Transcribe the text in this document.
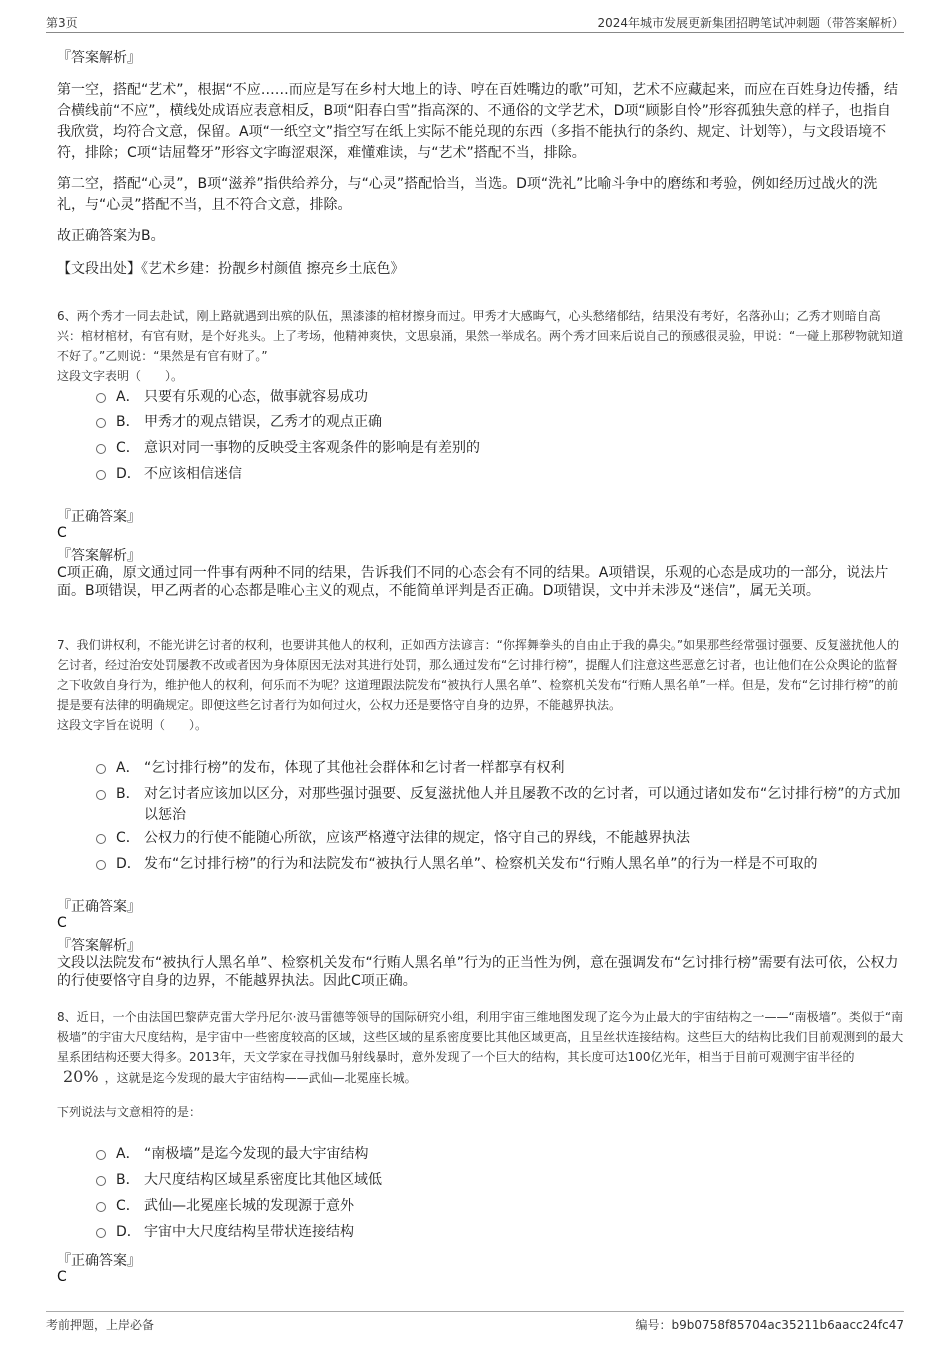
第3页	2024年城市发展更新集团招聘笔试冲刺题（带答案解析）
『答案解析』

第一空，搭配“艺术”，根据“不应……而应是写在乡村大地上的诗、哼在百姓嘴边的歌”可知，艺术不应藏起来，而应在百姓身边传播，结合横线前“不应”，横线处成语应表意相反，B项“阳春白雪”指高深的、不通俗的文学艺术，D项“顾影自怜”形容孤独失意的样子，也指自我欣赏，均符合文意，保留。A项“一纸空文”指空写在纸上实际不能兑现的东西（多指不能执行的条约、规定、计划等），与文段语境不符，排除；C项“诘屈聱牙”形容文字晦涩艰深，难懂难读，与“艺术”搭配不当，排除。

第二空，搭配“心灵”，B项“滋养”指供给养分，与“心灵”搭配恰当，当选。D项“洗礼”比喻斗争中的磨练和考验，例如经历过战火的洗礼，与“心灵”搭配不当，且不符合文意，排除。

故正确答案为B。

【文段出处】《艺术乡建：扮靓乡村颜值 擦亮乡土底色》

6、两个秀才一同去赴试，刚上路就遇到出殡的队伍，黑漆漆的棺材擦身而过。甲秀才大感晦气，心头愁绪郁结，结果没有考好，名落孙山；乙秀才则暗自高兴：棺材棺材，有官有财，是个好兆头。上了考场，他精神爽快，文思泉涌，果然一举成名。两个秀才回来后说自己的预感很灵验，甲说：“一碰上那秽物就知道不好了。”乙则说：“果然是有官有财了。”

这段文字表明（　　）。

A． 只要有乐观的心态，做事就容易成功
B． 甲秀才的观点错误，乙秀才的观点正确
C． 意识对同一事物的反映受主客观条件的影响是有差别的
D． 不应该相信迷信
『正确答案』
C
『答案解析』

C项正确，原文通过同一件事有两种不同的结果，告诉我们不同的心态会有不同的结果。A项错误，乐观的心态是成功的一部分，说法片面。B项错误，甲乙两者的心态都是唯心主义的观点，不能简单评判是否正确。D项错误，文中并未涉及“迷信”，属无关项。

7、我们讲权利，不能光讲乞讨者的权利，也要讲其他人的权利，正如西方法谚言：“你挥舞拳头的自由止于我的鼻尖。”如果那些经常强讨强要、反复滋扰他人的乞讨者，经过治安处罚屡教不改或者因为身体原因无法对其进行处罚，那么通过发布“乞讨排行榜”，提醒人们注意这些恶意乞讨者，也让他们在公众舆论的监督之下收敛自身行为，维护他人的权利，何乐而不为呢？这道理跟法院发布“被执行人黑名单”、检察机关发布“行贿人黑名单”一样。但是，发布“乞讨排行榜”的前提是要有法律的明确规定。即便这些乞讨者行为如何过火，公权力还是要恪守自身的边界，不能越界执法。

这段文字旨在说明（　　）。

A． “乞讨排行榜”的发布，体现了其他社会群体和乞讨者一样都享有权利
B． 对乞讨者应该加以区分，对那些强讨强要、反复滋扰他人并且屡教不改的乞讨者，可以通过诸如发布“乞讨排行榜”的方式加以惩治
C． 公权力的行使不能随心所欲，应该严格遵守法律的规定，恪守自己的界线，不能越界执法
D． 发布“乞讨排行榜”的行为和法院发布“被执行人黑名单”、检察机关发布“行贿人黑名单”的行为一样是不可取的
『正确答案』
C
『答案解析』

文段以法院发布“被执行人黑名单”、检察机关发布“行贿人黑名单”行为的正当性为例，意在强调发布“乞讨排行榜”需要有法可依，公权力的行使要恪守自身的边界，不能越界执法。因此C项正确。

8、近日，一个由法国巴黎萨克雷大学丹尼尔·波马雷德等领导的国际研究小组，利用宇宙三维地图发现了迄今为止最大的宇宙结构之一——“南极墙”。类似于“南极墙”的宇宙大尺度结构，是宇宙中一些密度较高的区域，这些区域的星系密度要比其他区域更高，且呈丝状连接结构。这些巨大的结构比我们目前观测到的最大星系团结构还要大得多。2013年，天文学家在寻找伽马射线暴时，意外发现了一个巨大的结构，其长度可达100亿光年，相当于目前可观测宇宙半径的20% ，这就是迄今发现的最大宇宙结构——武仙—北冕座长城。

下列说法与文意相符的是：

A． “南极墙”是迄今发现的最大宇宙结构
B． 大尺度结构区域星系密度比其他区域低
C． 武仙—北冕座长城的发现源于意外
D． 宇宙中大尺度结构呈带状连接结构
『正确答案』
C
考前押题，上岸必备	编号：b9b0758f85704ac35211b6aacc24fc47
